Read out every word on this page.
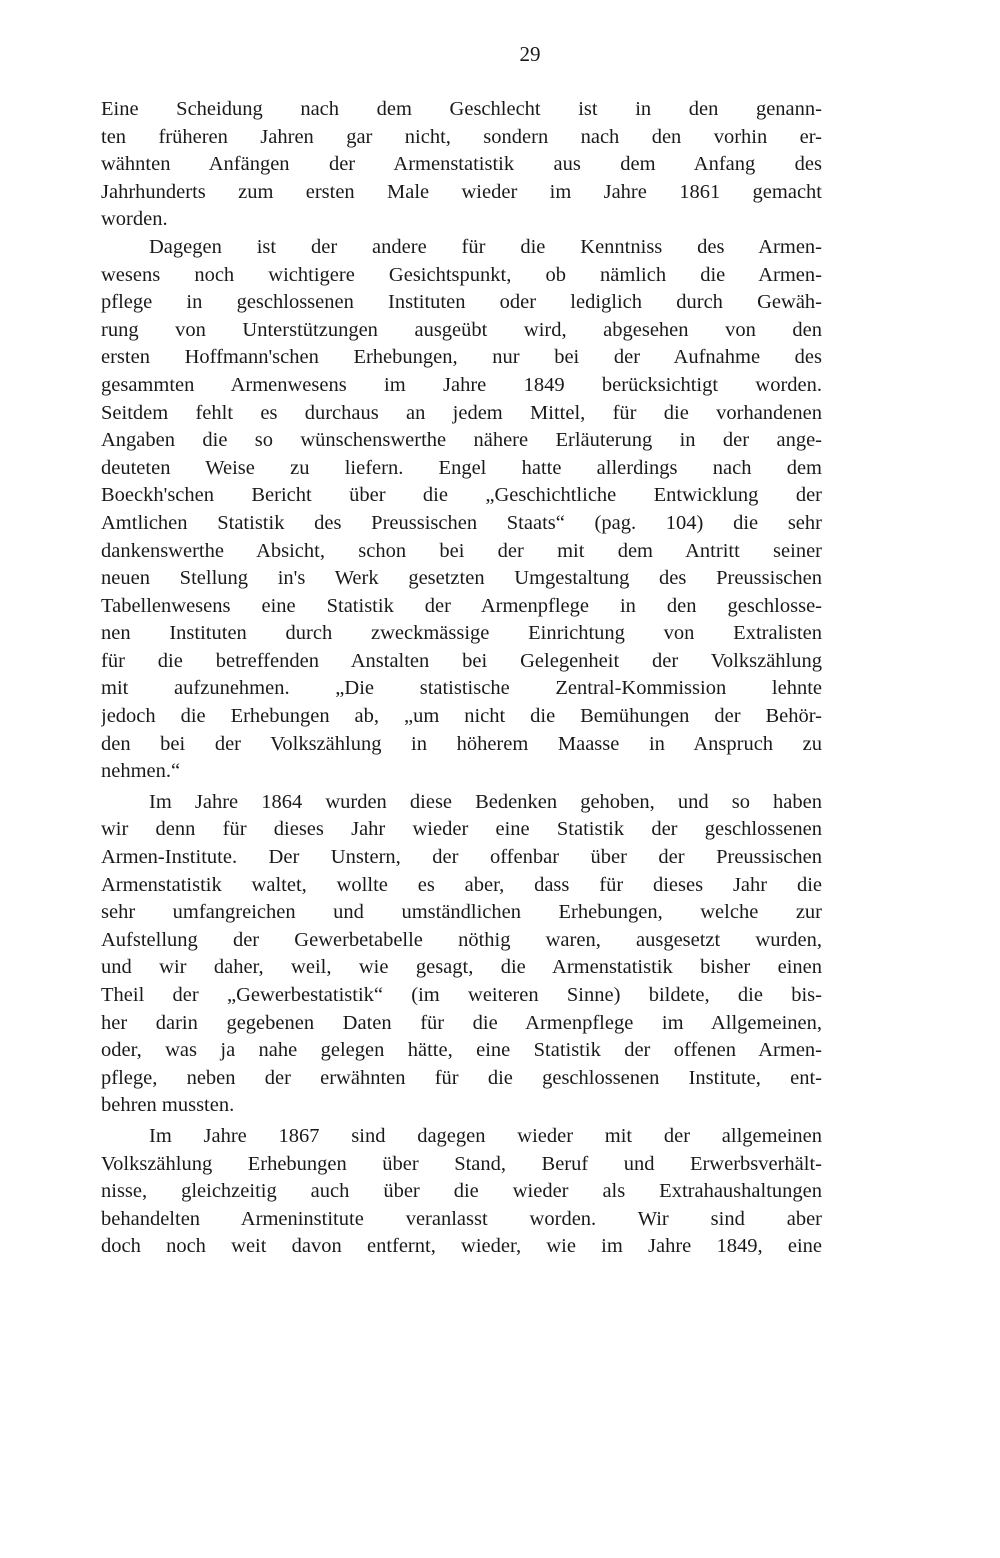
29
Eine Scheidung nach dem Geschlecht ist in den genann-
ten früheren Jahren gar nicht, sondern nach den vorhin er-
wähnten Anfängen der Armenstatistik aus dem Anfang des
Jahrhunderts zum ersten Male wieder im Jahre 1861 gemacht
worden.
Dagegen ist der andere für die Kenntniss des Armen-
wesens noch wichtigere Gesichtspunkt, ob nämlich die Armen-
pflege in geschlossenen Instituten oder lediglich durch Gewäh-
rung von Unterstützungen ausgeübt wird, abgesehen von den
ersten Hoffmann'schen Erhebungen, nur bei der Aufnahme des
gesammten Armenwesens im Jahre 1849 berücksichtigt worden.
Seitdem fehlt es durchaus an jedem Mittel, für die vorhandenen
Angaben die so wünschenswerthe nähere Erläuterung in der ange-
deuteten Weise zu liefern. Engel hatte allerdings nach dem
Boeckh'schen Bericht über die „Geschichtliche Entwicklung der
Amtlichen Statistik des Preussischen Staats“ (pag. 104) die sehr
dankenswerthe Absicht, schon bei der mit dem Antritt seiner
neuen Stellung in's Werk gesetzten Umgestaltung des Preussischen
Tabellenwesens eine Statistik der Armenpflege in den geschlosse-
nen Instituten durch zweckmässige Einrichtung von Extralisten
für die betreffenden Anstalten bei Gelegenheit der Volkszählung
mit aufzunehmen. „Die statistische Zentral-Kommission lehnte
jedoch die Erhebungen ab, „um nicht die Bemühungen der Behör-
den bei der Volkszählung in höherem Maasse in Anspruch zu
nehmen.“
Im Jahre 1864 wurden diese Bedenken gehoben, und so haben
wir denn für dieses Jahr wieder eine Statistik der geschlossenen
Armen-Institute. Der Unstern, der offenbar über der Preussischen
Armenstatistik waltet, wollte es aber, dass für dieses Jahr die
sehr umfangreichen und umständlichen Erhebungen, welche zur
Aufstellung der Gewerbetabelle nöthig waren, ausgesetzt wurden,
und wir daher, weil, wie gesagt, die Armenstatistik bisher einen
Theil der „Gewerbestatistik“ (im weiteren Sinne) bildete, die bis-
her darin gegebenen Daten für die Armenpflege im Allgemeinen,
oder, was ja nahe gelegen hätte, eine Statistik der offenen Armen-
pflege, neben der erwähnten für die geschlossenen Institute, ent-
behren mussten.
Im Jahre 1867 sind dagegen wieder mit der allgemeinen
Volkszählung Erhebungen über Stand, Beruf und Erwerbsverhält-
nisse, gleichzeitig auch über die wieder als Extrahaushaltungen
behandelten Armeninstitute veranlasst worden. Wir sind aber
doch noch weit davon entfernt, wieder, wie im Jahre 1849, eine
